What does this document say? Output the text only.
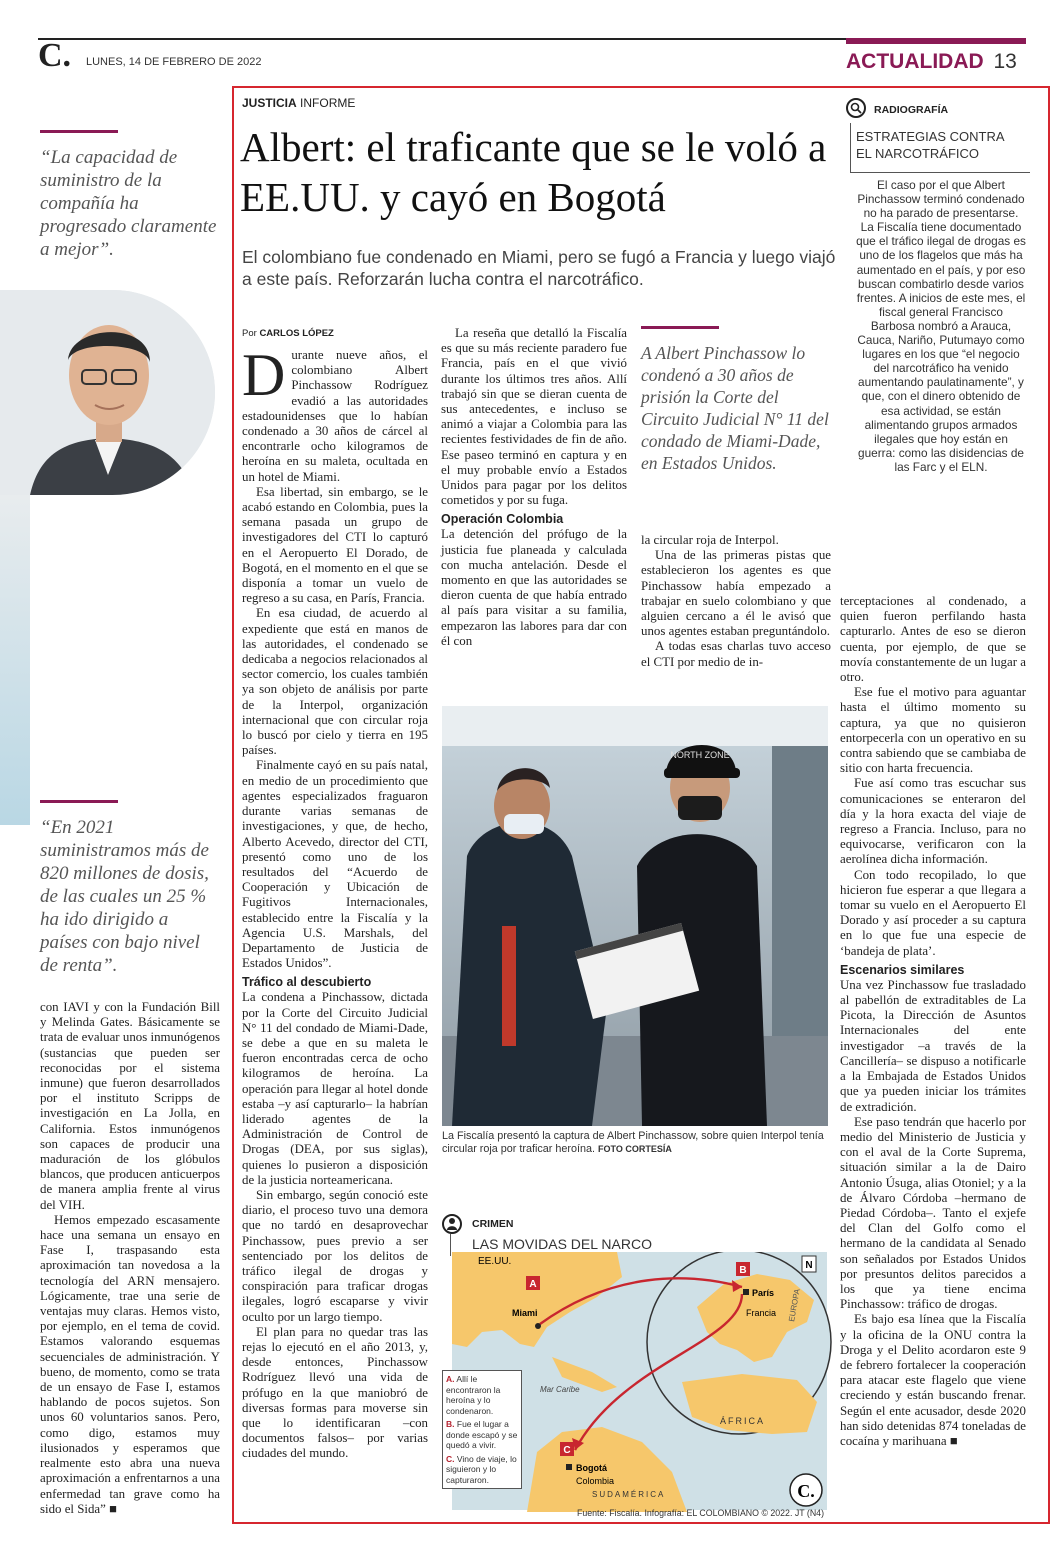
C. LUNES, 14 DE FEBRERO DE 2022	ACTUALIDAD 13
“La capacidad de suministro de la compañía ha progresado claramente a mejor”.
“En 2021 suministramos más de 820 millones de dosis, de las cuales un 25 % ha ido dirigido a países con bajo nivel de renta”.

con IAVI y con la Fundación Bill y Melinda Gates. Básicamente se trata de evaluar unos inmunógenos (sustancias que pueden ser reconocidas por el sistema inmune) que fueron desarrollados por el instituto Scripps de investigación en La Jolla, en California. Estos inmunógenos son capaces de producir una maduración de los glóbulos blancos, que producen anticuerpos de manera amplia frente al virus del VIH.

Hemos empezado escasamente hace una semana un ensayo en Fase I, traspasando esta aproximación tan novedosa a la tecnología del ARN mensajero. Lógicamente, trae una serie de ventajas muy claras. Hemos visto, por ejemplo, en el tema de covid. Estamos valorando esquemas secuenciales de administración. Y bueno, de momento, como se trata de un ensayo de Fase I, estamos hablando de pocos sujetos. Son unos 60 voluntarios sanos. Pero, como digo, estamos muy ilusionados y esperamos que realmente esto abra una nueva aproximación a enfrentarnos a una enfermedad tan grave como ha sido el Sida” ■

JUSTICIA INFORME
Albert: el traficante que se le voló a EE.UU. y cayó en Bogotá
El colombiano fue condenado en Miami, pero se fugó a Francia y luego viajó a este país. Reforzarán lucha contra el narcotráfico.
RADIOGRAFÍA
ESTRATEGIAS CONTRA EL NARCOTRÁFICO
El caso por el que Albert Pinchassow terminó condenado no ha parado de presentarse. La Fiscalía tiene documentado que el tráfico ilegal de drogas es uno de los flagelos que más ha aumentado en el país, y por eso buscan combatirlo desde varios frentes. A inicios de este mes, el fiscal general Francisco Barbosa nombró a Arauca, Cauca, Nariño, Putumayo como lugares en los que “el negocio del narcotráfico ha venido aumentando paulatinamente”, y que, con el dinero obtenido de esa actividad, se están alimentando grupos armados ilegales que hoy están en guerra: como las disidencias de las Farc y el ELN.
Por CARLOS LÓPEZ

Durante nueve años, el colombiano Albert Pinchassow Rodríguez evadió a las autoridades estadounidenses que lo habían condenado a 30 años de cárcel al encontrarle ocho kilogramos de heroína en su maleta, ocultada en un hotel de Miami.

Esa libertad, sin embargo, se le acabó estando en Colombia, pues la semana pasada un grupo de investigadores del CTI lo capturó en el Aeropuerto El Dorado, de Bogotá, en el momento en el que se disponía a tomar un vuelo de regreso a su casa, en París, Francia.

En esa ciudad, de acuerdo al expediente que está en manos de las autoridades, el condenado se dedicaba a negocios relacionados al sector comercio, los cuales también ya son objeto de análisis por parte de la Interpol, organización internacional que con circular roja lo buscó por cielo y tierra en 195 países.

Finalmente cayó en su país natal, en medio de un procedimiento que agentes especializados fraguaron durante varias semanas de investigaciones, y que, de hecho, Alberto Acevedo, director del CTI, presentó como uno de los resultados del “Acuerdo de Cooperación y Ubicación de Fugitivos Internacionales, establecido entre la Fiscalía y la Agencia U.S. Marshals, del Departamento de Justicia de Estados Unidos”.

Tráfico al descubierto

La condena a Pinchassow, dictada por la Corte del Circuito Judicial N° 11 del condado de Miami-Dade, se debe a que en su maleta le fueron encontradas cerca de ocho kilogramos de heroína. La operación para llegar al hotel donde estaba –y así capturarlo– la habrían liderado agentes de la Administración de Control de Drogas (DEA, por sus siglas), quienes lo pusieron a disposición de la justicia norteamericana.

Sin embargo, según conoció este diario, el proceso tuvo una demora que no tardó en desaprovechar Pinchassow, pues previo a ser sentenciado por los delitos de tráfico ilegal de drogas y conspiración para traficar drogas ilegales, logró escaparse y vivir oculto por un largo tiempo.

El plan para no quedar tras las rejas lo ejecutó en el año 2013, y, desde entonces, Pinchassow Rodríguez llevó una vida de prófugo en la que maniobró de diversas formas para moverse sin que lo identificaran –con documentos falsos– por varias ciudades del mundo.

La reseña que detalló la Fiscalía es que su más reciente paradero fue Francia, país en el que vivió durante los últimos tres años. Allí trabajó sin que se dieran cuenta de sus antecedentes, e incluso se animó a viajar a Colombia para las recientes festividades de fin de año. Ese paseo terminó en captura y en el muy probable envío a Estados Unidos para pagar por los delitos cometidos y por su fuga.

Operación Colombia

La detención del prófugo de la justicia fue planeada y calculada con mucha antelación. Desde el momento en que las autoridades se dieron cuenta de que había entrado al país para visitar a su familia, empezaron las labores para dar con él con

A Albert Pinchassow lo condenó a 30 años de prisión la Corte del Circuito Judicial N° 11 del condado de Miami-Dade, en Estados Unidos.

la circular roja de Interpol.

Una de las primeras pistas que establecieron los agentes es que Pinchassow había empezado a trabajar en suelo colombiano y que alguien cercano a él le avisó que unos agentes estaban preguntándolo.

A todas esas charlas tuvo acceso el CTI por medio de in-

terceptaciones al condenado, a quien fueron perfilando hasta capturarlo. Antes de eso se dieron cuenta, por ejemplo, de que se movía constantemente de un lugar a otro.

Ese fue el motivo para aguantar hasta el último momento su captura, ya que no quisieron entorpecerla con un operativo en su contra sabiendo que se cambiaba de sitio con harta frecuencia.

Fue así como tras escuchar sus comunicaciones se enteraron del día y la hora exacta del viaje de regreso a Francia. Incluso, para no equivocarse, verificaron con la aerolínea dicha información.

Con todo recopilado, lo que hicieron fue esperar a que llegara a tomar su vuelo en el Aeropuerto El Dorado y así proceder a su captura en lo que fue una especie de ‘bandeja de plata’.

Escenarios similares

Una vez Pinchassow fue trasladado al pabellón de extraditables de La Picota, la Dirección de Asuntos Internacionales del ente investigador –a través de la Cancillería– se dispuso a notificarle a la Embajada de Estados Unidos que ya pueden iniciar los trámites de extradición.

Ese paso tendrán que hacerlo por medio del Ministerio de Justicia y con el aval de la Corte Suprema, situación similar a la de Dairo Antonio Úsuga, alias Otoniel; y a la de Álvaro Córdoba –hermano de Piedad Córdoba–. Tanto el exjefe del Clan del Golfo como el hermano de la candidata al Senado son señalados por Estados Unidos por presuntos delitos parecidos a los que ya tiene encima Pinchassow: tráfico de drogas.

Es bajo esa línea que la Fiscalía y la oficina de la ONU contra la Droga y el Delito acordaron este 9 de febrero fortalecer la cooperación para atacar este flagelo que viene creciendo y están buscando frenar. Según el ente acusador, desde 2020 han sido detenidas 874 toneladas de cocaína y marihuana ■

NORTH ZONE
La Fiscalía presentó la captura de Albert Pinchassow, sobre quien Interpol tenía circular roja por traficar heroína. FOTO CORTESÍA
CRIMEN
LAS MOVIDAS DEL NARCO
A
B
C
EE.UU.
Miami
París
Francia EUROPA
Mar Caribe
ÁFRICA
SUDAMÉRICA
Bogotá
Colombia
N
C.
A. Allí le encontraron la heroína y lo condenaron.
B. Fue el lugar a donde escapó y se quedó a vivir.
C. Vino de viaje, lo siguieron y lo capturaron.
Fuente: Fiscalía. Infografía: EL COLOMBIANO © 2022. JT (N4)
